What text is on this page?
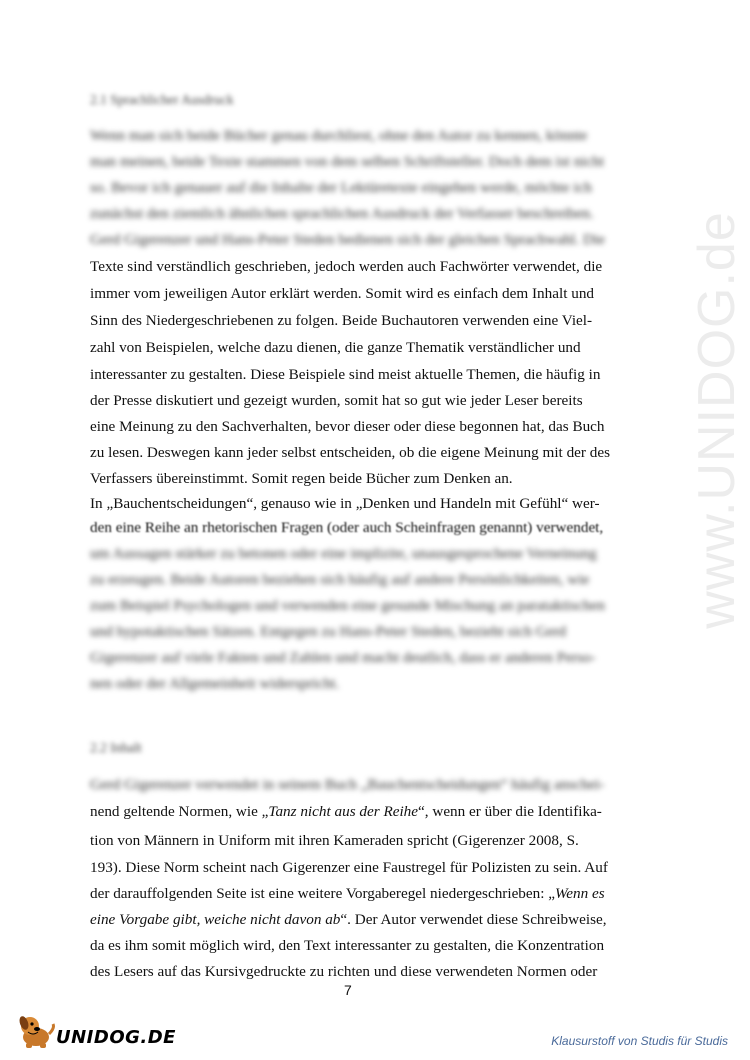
www.UNIDOG.de
2.1 Sprachlicher Ausdruck
Wenn man sich beide Bücher genau durchliest, ohne den Autor zu kennen, könnte
man meinen, beide Texte stammen von dem selben Schriftsteller. Doch dem ist nicht
so. Bevor ich genauer auf die Inhalte der Lektüretexte eingehen werde, möchte ich
zunächst den ziemlich ähnlichen sprachlichen Ausdruck der Verfasser beschreiben.
Gerd Gigerenzer und Hans-Peter Steden bedienen sich der gleichen Sprachwahl. Die
Texte sind verständlich geschrieben, jedoch werden auch Fachwörter verwendet, die
immer vom jeweiligen Autor erklärt werden. Somit wird es einfach dem Inhalt und
Sinn des Niedergeschriebenen zu folgen. Beide Buchautoren verwenden eine Viel-
zahl von Beispielen, welche dazu dienen, die ganze Thematik verständlicher und
interessanter zu gestalten. Diese Beispiele sind meist aktuelle Themen, die häufig in
der Presse diskutiert und gezeigt wurden, somit hat so gut wie jeder Leser bereits
eine Meinung zu den Sachverhalten, bevor dieser oder diese begonnen hat, das Buch
zu lesen. Deswegen kann jeder selbst entscheiden, ob die eigene Meinung mit der des
Verfassers übereinstimmt. Somit regen beide Bücher zum Denken an.
In „Bauchentscheidungen“, genauso wie in „Denken und Handeln mit Gefühl“ wer-
den eine Reihe an rhetorischen Fragen (oder auch Scheinfragen genannt) verwendet,
um Aussagen stärker zu betonen oder eine implizite, unausgesprochene Verneinung
zu erzeugen. Beide Autoren beziehen sich häufig auf andere Persönlichkeiten, wie
zum Beispiel Psychologen und verwenden eine gesunde Mischung an parataktischen
und hypotaktischen Sätzen. Entgegen zu Hans-Peter Steden, bezieht sich Gerd
Gigerenzer auf viele Fakten und Zahlen und macht deutlich, dass er anderen Perso-
nen oder der Allgemeinheit widerspricht.
2.2 Inhalt
Gerd Gigerenzer verwendet in seinem Buch „Bauchentscheidungen“ häufig anschei-
nend geltende Normen, wie „Tanz nicht aus der Reihe“, wenn er über die Identifika-
tion von Männern in Uniform mit ihren Kameraden spricht (Gigerenzer 2008, S.
193). Diese Norm scheint nach Gigerenzer eine Faustregel für Polizisten zu sein. Auf
der darauffolgenden Seite ist eine weitere Vorgaberegel niedergeschrieben: „Wenn es
eine Vorgabe gibt, weiche nicht davon ab“. Der Autor verwendet diese Schreibweise,
da es ihm somit möglich wird, den Text interessanter zu gestalten, die Konzentration
des Lesers auf das Kursivgedruckte zu richten und diese verwendeten Normen oder
7
UNIDOG.DE	Klausurstoff von Studis für Studis
